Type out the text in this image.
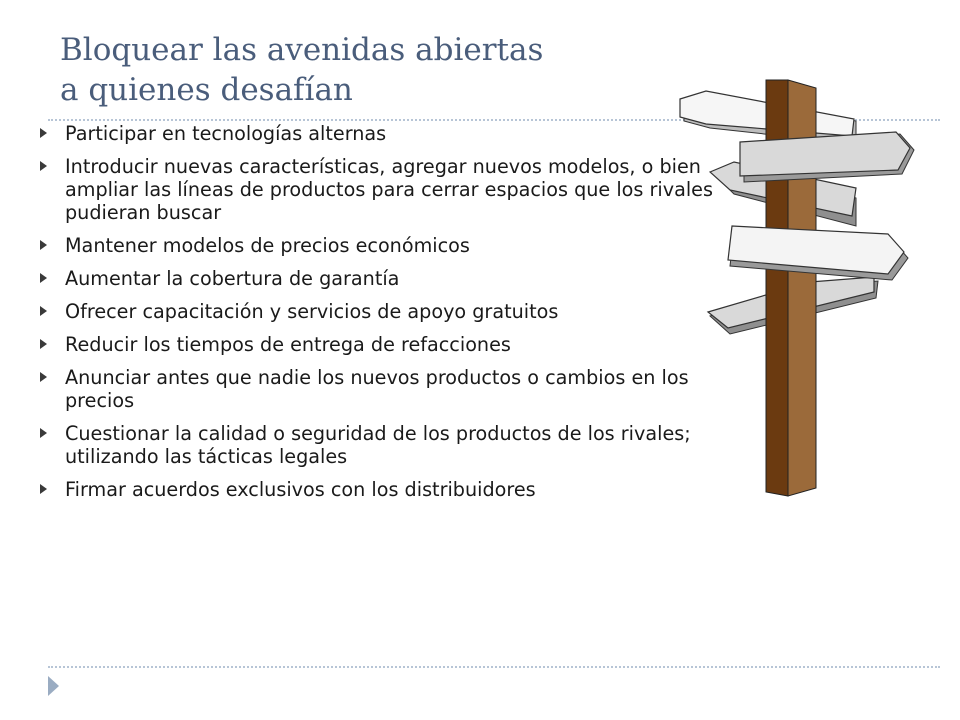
Bloquear las avenidas abiertas
a quienes desafían
Participar en tecnologías alternas
Introducir nuevas características, agregar nuevos modelos, o bien ampliar las líneas de productos para cerrar espacios que los rivales pudieran buscar
Mantener modelos de precios económicos
Aumentar la cobertura de garantía
Ofrecer capacitación y servicios de apoyo gratuitos
Reducir los tiempos de entrega de refacciones
Anunciar antes que nadie los nuevos productos o cambios en los precios
Cuestionar la calidad o seguridad de los productos de los rivales; utilizando las tácticas legales
Firmar acuerdos exclusivos con los distribuidores
